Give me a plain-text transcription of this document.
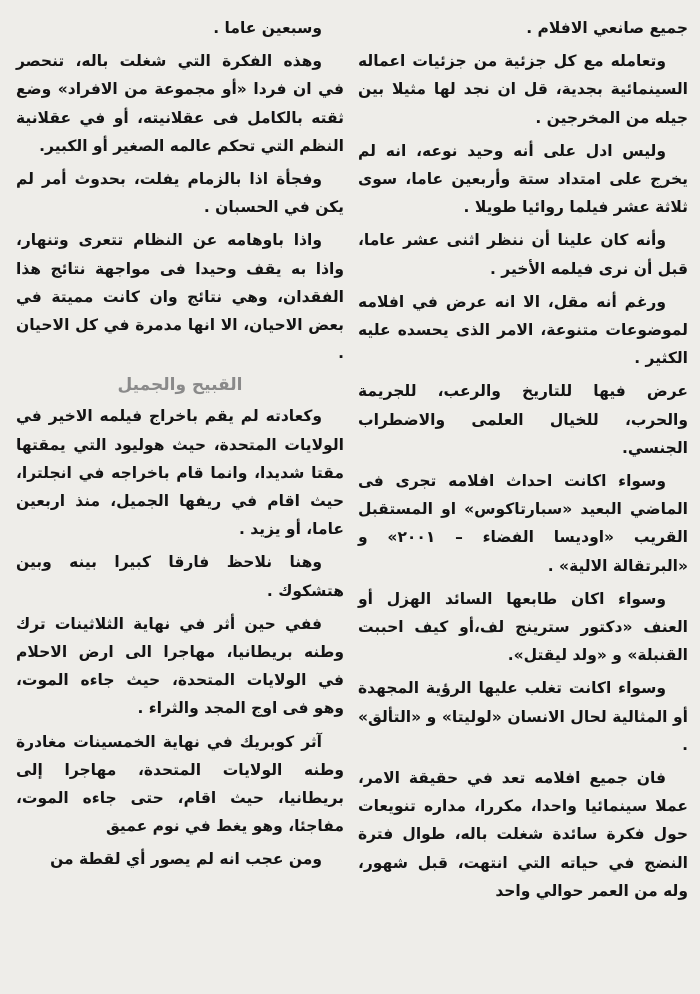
جميع صانعي الافلام .

وتعامله مع كل جزئية من جزئيات اعماله السينمائية بجدية، قل ان نجد لها مثيلا بين جيله من المخرجين .

وليس ادل على أنه وحيد نوعه، انه لم يخرج على امتداد ستة وأربعين عاما، سوى ثلاثة عشر فيلما روائيا طويلا .

وأنه كان علينا أن ننظر اثنى عشر عاما، قبل أن نرى فيلمه الأخير .

ورغم أنه مقل، الا انه عرض في افلامه لموضوعات متنوعة، الامر الذى يحسده عليه الكثير .

عرض فيها للتاريخ والرعب، للجريمة والحرب، للخيال العلمى والاضطراب الجنسي.

وسواء اكانت احداث افلامه تجرى فى الماضي البعيد «سبارتاكوس» او المستقبل القريب «اوديسا الفضاء – ٢٠٠١» و «البرتقالة الالية» .

وسواء اكان طابعها السائد الهزل أو العنف «دكتور سترينج لف،أو كيف احببت القنبلة» و «ولد ليقتل».

وسواء اكانت تغلب عليها الرؤية المجهدة أو المثالية لحال الانسان «لوليتا» و «التألق» .

فان جميع افلامه تعد في حقيقة الامر، عملا سينمائيا واحدا، مكررا، مداره تنويعات حول فكرة سائدة شغلت باله، طوال فترة النضج في حياته التي انتهت، قبل شهور، وله من العمر حوالي واحد

وسبعين عاما .

وهذه الفكرة التي شغلت باله، تنحصر في ان فردا «أو مجموعة من الافراد» وضع ثقته بالكامل فى عقلانيته، أو في عقلانية النظم التي تحكم عالمه الصغير أو الكبير.

وفجأة اذا بالزمام يفلت، بحدوث أمر لم يكن في الحسبان .

واذا باوهامه عن النظام تتعرى وتنهار، واذا به يقف وحيدا فى مواجهة نتائج هذا الفقدان، وهي نتائج وان كانت مميتة في بعض الاحيان، الا انها مدمرة في كل الاحيان .

القبيح والجميل

وكعادته لم يقم باخراج فيلمه الاخير في الولايات المتحدة، حيث هوليود التي يمقتها مقتا شديدا، وانما قام باخراجه في انجلترا، حيث اقام في ريفها الجميل، منذ اربعين عاما، أو يزيد .

وهنا نلاحظ فارقا كبيرا بينه وبين هتشكوك .

ففي حين أثر في نهاية الثلاثينات ترك وطنه بريطانيا، مهاجرا الى ارض الاحلام في الولايات المتحدة، حيث جاءه الموت، وهو فى اوج المجد والثراء .

آثر كوبريك في نهاية الخمسينات مغادرة وطنه الولايات المتحدة، مهاجرا إلى بريطانيا، حيث اقام، حتى جاءه الموت، مفاجئا، وهو يغط في نوم عميق

ومن عجب انه لم يصور أي لقطة من
